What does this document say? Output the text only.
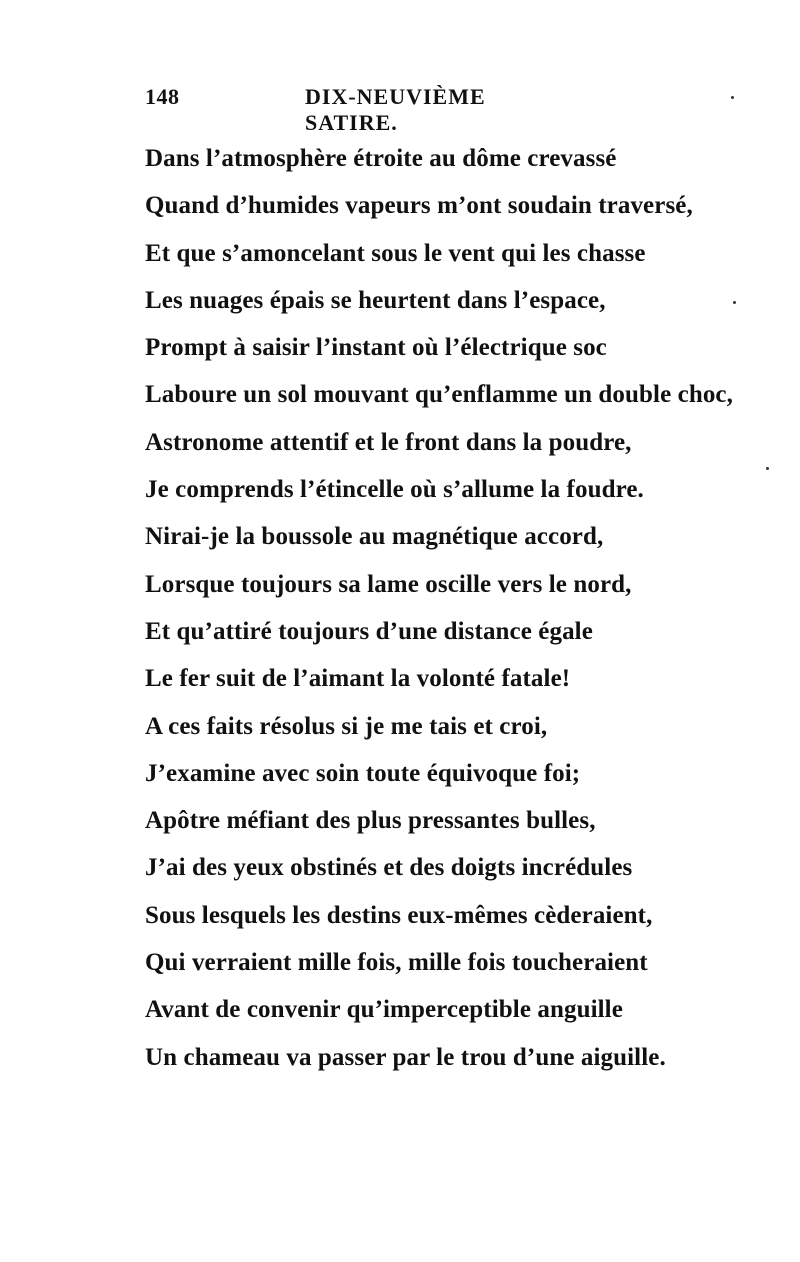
148	DIX-NEUVIÈME SATIRE.
Dans l’atmosphère étroite au dôme crevassé
Quand d’humides vapeurs m’ont soudain traversé,
Et que s’amoncelant sous le vent qui les chasse
Les nuages épais se heurtent dans l’espace,
Prompt à saisir l’instant où l’électrique soc
Laboure un sol mouvant qu’enflamme un double choc,
Astronome attentif et le front dans la poudre,
Je comprends l’étincelle où s’allume la foudre.
Nirai-je la boussole au magnétique accord,
Lorsque toujours sa lame oscille vers le nord,
Et qu’attiré toujours d’une distance égale
Le fer suit de l’aimant la volonté fatale!
A ces faits résolus si je me tais et croi,
J’examine avec soin toute équivoque foi;
Apôtre méfiant des plus pressantes bulles,
J’ai des yeux obstinés et des doigts incrédules
Sous lesquels les destins eux-mêmes cèderaient,
Qui verraient mille fois, mille fois toucheraient
Avant de convenir qu’imperceptible anguille
Un chameau va passer par le trou d’une aiguille.
